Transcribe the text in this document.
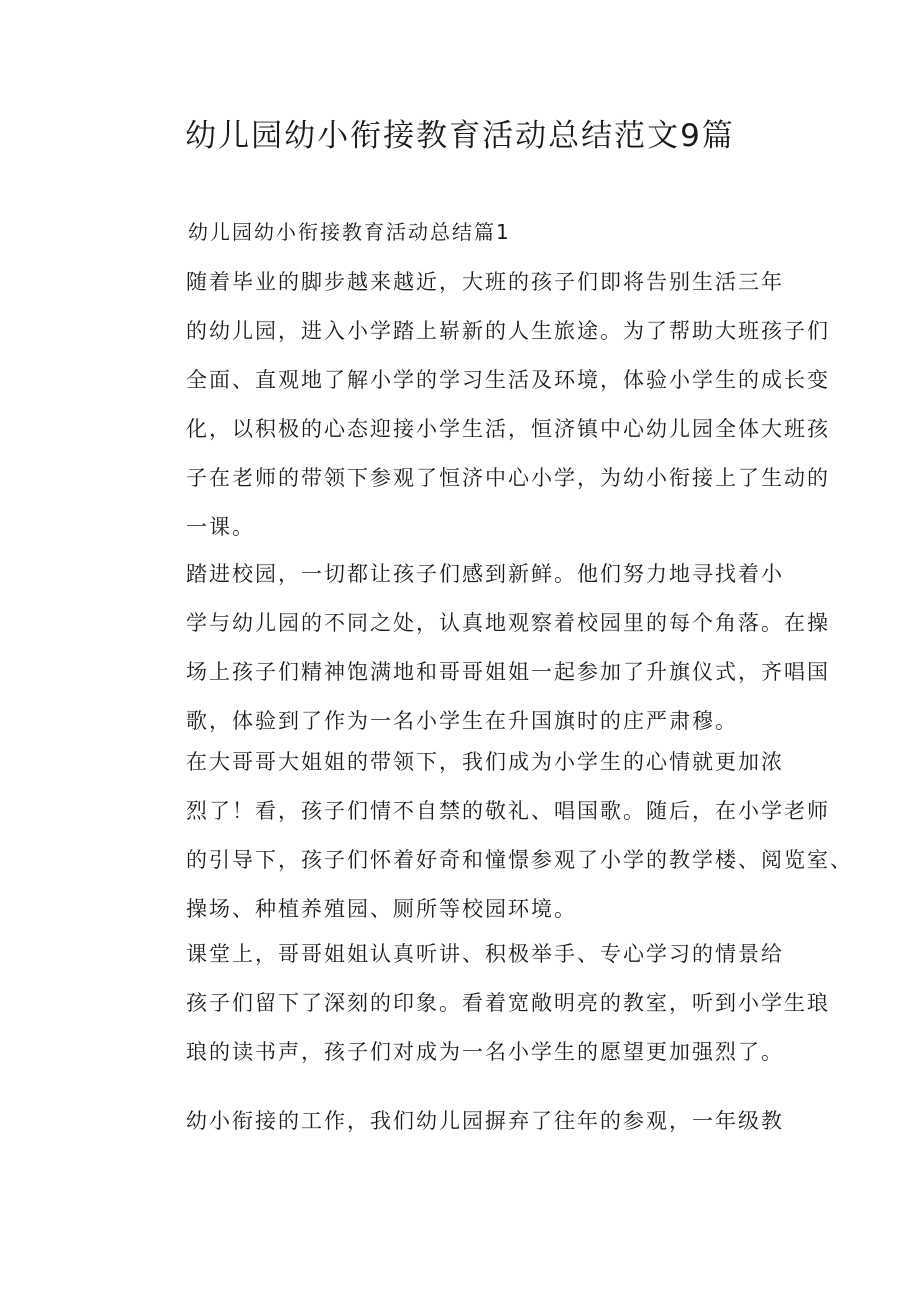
幼儿园幼小衔接教育活动总结范文9篇

幼儿园幼小衔接教育活动总结篇1

随着毕业的脚步越来越近，大班的孩子们即将告别生活三年
的幼儿园，进入小学踏上崭新的人生旅途。为了帮助大班孩子们
全面、直观地了解小学的学习生活及环境，体验小学生的成长变
化，以积极的心态迎接小学生活，恒济镇中心幼儿园全体大班孩
子在老师的带领下参观了恒济中心小学，为幼小衔接上了生动的
一课。

踏进校园，一切都让孩子们感到新鲜。他们努力地寻找着小
学与幼儿园的不同之处，认真地观察着校园里的每个角落。在操
场上孩子们精神饱满地和哥哥姐姐一起参加了升旗仪式，齐唱国
歌，体验到了作为一名小学生在升国旗时的庄严肃穆。

在大哥哥大姐姐的带领下，我们成为小学生的心情就更加浓
烈了！看，孩子们情不自禁的敬礼、唱国歌。随后，在小学老师
的引导下，孩子们怀着好奇和憧憬参观了小学的教学楼、阅览室、
操场、种植养殖园、厕所等校园环境。

课堂上，哥哥姐姐认真听讲、积极举手、专心学习的情景给
孩子们留下了深刻的印象。看着宽敞明亮的教室，听到小学生琅
琅的读书声，孩子们对成为一名小学生的愿望更加强烈了。

幼小衔接的工作，我们幼儿园摒弃了往年的参观，一年级教
